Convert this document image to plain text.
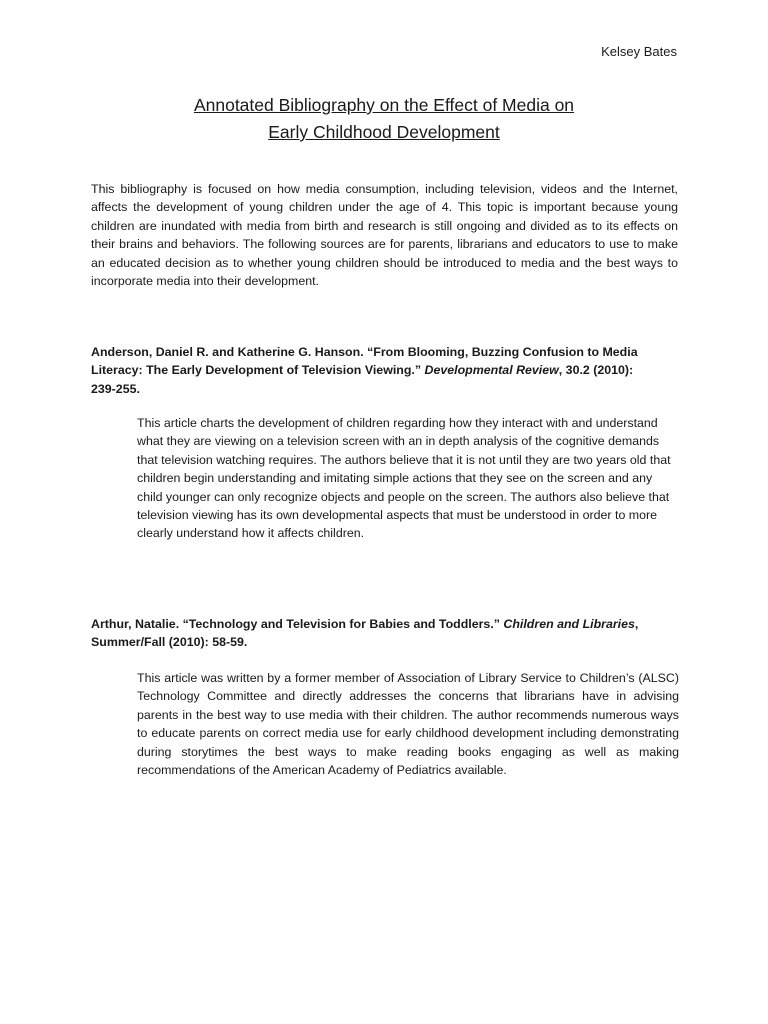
Kelsey Bates
Annotated Bibliography on the Effect of Media on
Early Childhood Development

This bibliography is focused on how media consumption, including television, videos and the Internet, affects the development of young children under the age of 4. This topic is important because young children are inundated with media from birth and research is still ongoing and divided as to its effects on their brains and behaviors. The following sources are for parents, librarians and educators to use to make an educated decision as to whether young children should be introduced to media and the best ways to incorporate media into their development.

Anderson, Daniel R. and Katherine G. Hanson. “From Blooming, Buzzing Confusion to Media Literacy: The Early Development of Television Viewing.” Developmental Review, 30.2 (2010): 239-255.

This article charts the development of children regarding how they interact with and understand what they are viewing on a television screen with an in depth analysis of the cognitive demands that television watching requires. The authors believe that it is not until they are two years old that children begin understanding and imitating simple actions that they see on the screen and any child younger can only recognize objects and people on the screen. The authors also believe that television viewing has its own developmental aspects that must be understood in order to more clearly understand how it affects children.

Arthur, Natalie. “Technology and Television for Babies and Toddlers.” Children and Libraries, Summer/Fall (2010): 58-59.

This article was written by a former member of Association of Library Service to Children’s (ALSC) Technology Committee and directly addresses the concerns that librarians have in advising parents in the best way to use media with their children. The author recommends numerous ways to educate parents on correct media use for early childhood development including demonstrating during storytimes the best ways to make reading books engaging as well as making recommendations of the American Academy of Pediatrics available.
